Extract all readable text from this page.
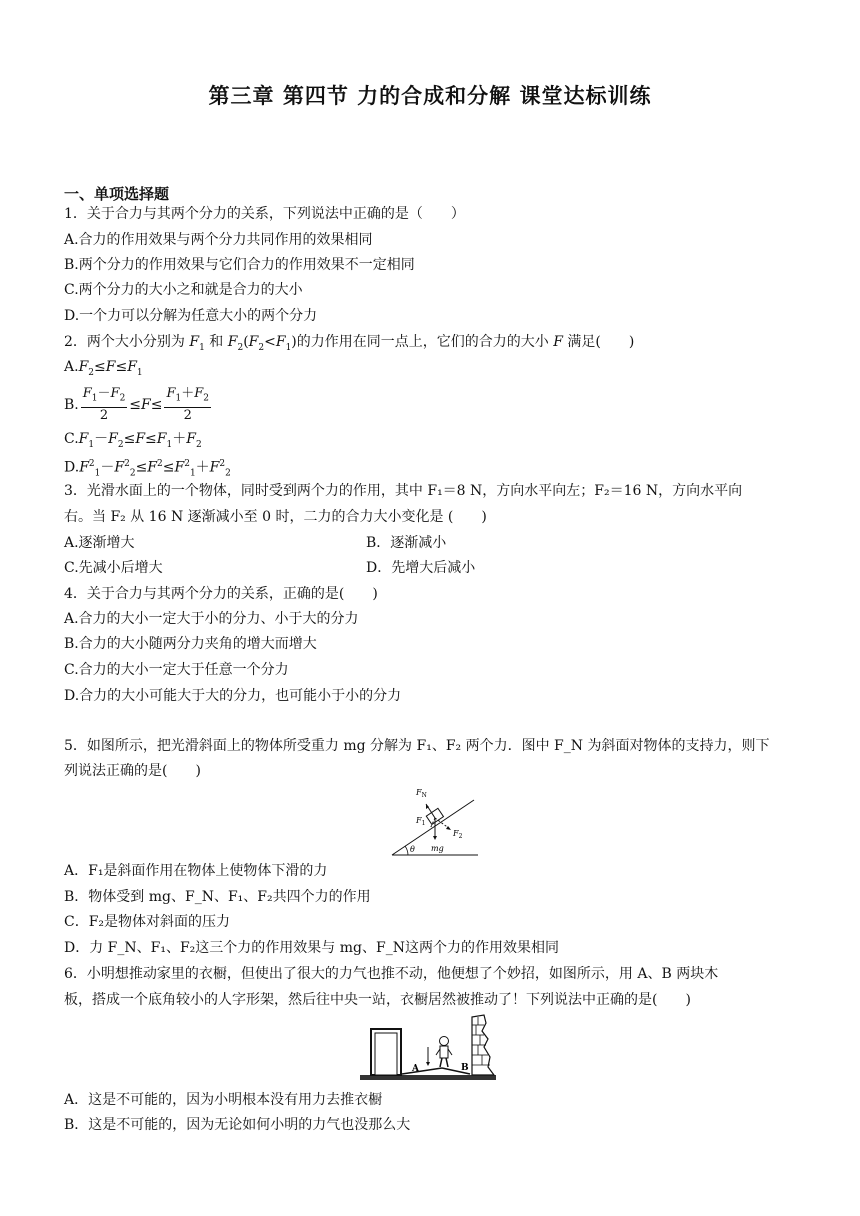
第三章 第四节 力的合成和分解 课堂达标训练
一、单项选择题
1．关于合力与其两个分力的关系，下列说法中正确的是（　　）
A.合力的作用效果与两个分力共同作用的效果相同
B.两个分力的作用效果与它们合力的作用效果不一定相同
C.两个分力的大小之和就是合力的大小
D.一个力可以分解为任意大小的两个分力
2．两个大小分别为 $F_1$ 和 $F_2(F_2<F_1)$的力作用在同一点上，它们的合力的大小 F 满足(　　)
$A.F_2\le F\le F_1$
B. $\frac{F_1-F_2}{2} \le F\le \frac{F_1+F_2}{2}$
$C.F_1-F_2\le F\le F_1+F_2$
$D.F^2_1-F^2_2\le F^2\le F^2_1+F^2_2$
3．光滑水面上的一个物体，同时受到两个力的作用，其中 F₁＝8 N，方向水平向左；F₂＝16 N，方向水平向
右。当 F₂ 从 16 N 逐渐减小至 0 时，二力的合力大小变化是 (　　)
A.逐渐增大	B．逐渐减小
C.先减小后增大	D．先增大后减小
4．关于合力与其两个分力的关系，正确的是(　　)
A.合力的大小一定大于小的分力、小于大的分力
B.合力的大小随两分力夹角的增大而增大
C.合力的大小一定大于任意一个分力
D.合力的大小可能大于大的分力，也可能小于小的分力
5．如图所示，把光滑斜面上的物体所受重力 mg 分解为 F₁、F₂ 两个力．图中 F_N 为斜面对物体的支持力，则下
列说法正确的是(　　)
$F_N$
$F_1$
$F_2$
θ mg
A．F₁是斜面作用在物体上使物体下滑的力
B．物体受到 mg、F_N、F₁、F₂共四个力的作用
C．F₂是物体对斜面的压力
D．力 F_N、F₁、F₂这三个力的作用效果与 mg、F_N这两个力的作用效果相同
6．小明想推动家里的衣橱，但使出了很大的力气也推不动，他便想了个妙招，如图所示，用 A、B 两块木
板，搭成一个底角较小的人字形架，然后往中央一站，衣橱居然被推动了！下列说法中正确的是(　　)
A	B
A．这是不可能的，因为小明根本没有用力去推衣橱
B．这是不可能的，因为无论如何小明的力气也没那么大
